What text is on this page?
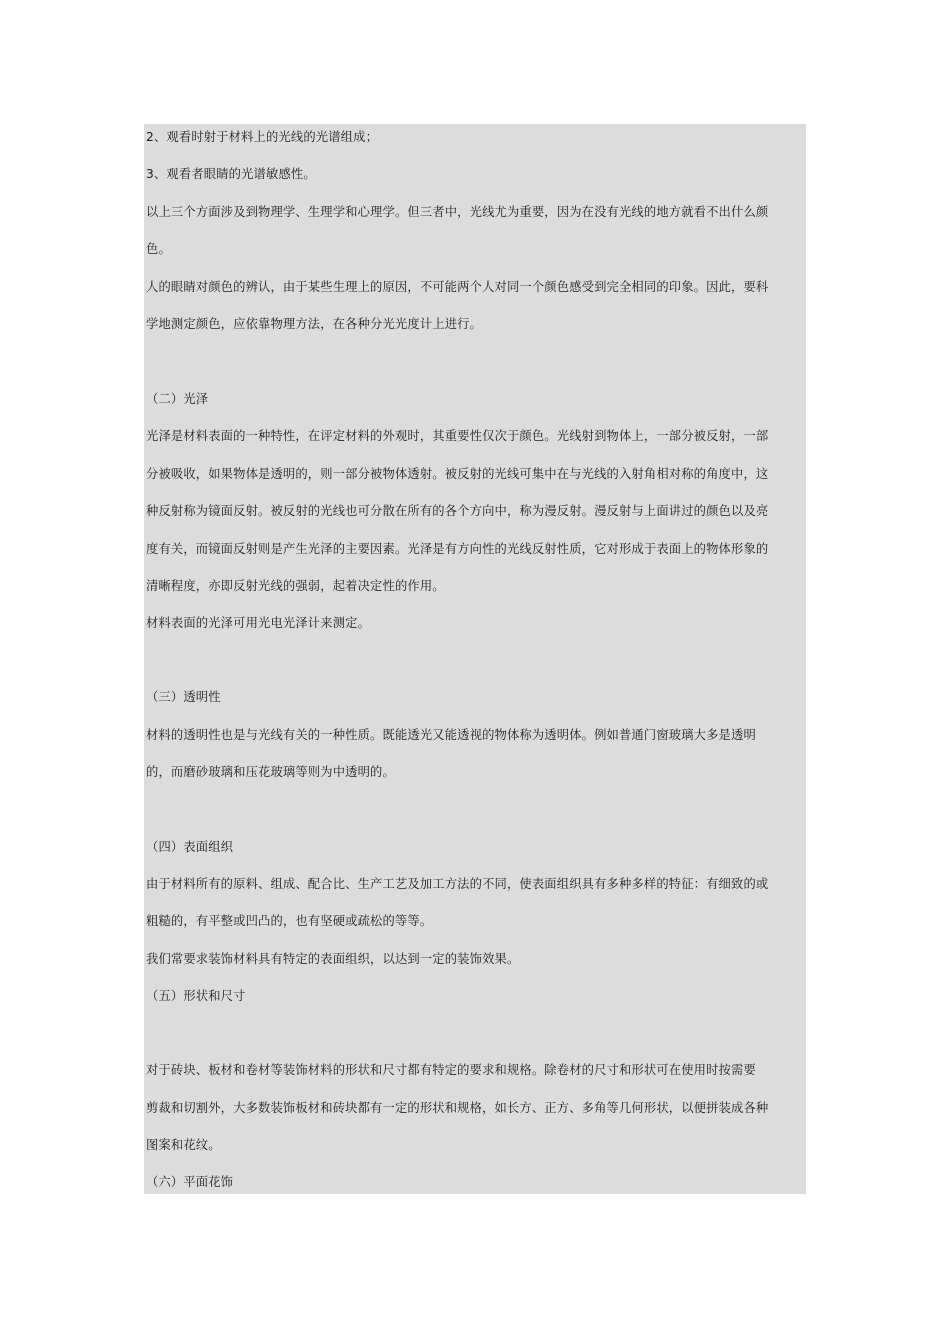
2、观看时射于材料上的光线的光谱组成；
3、观看者眼睛的光谱敏感性。
以上三个方面涉及到物理学、生理学和心理学。但三者中，光线尤为重要，因为在没有光线的地方就看不出什么颜
色。
人的眼睛对颜色的辨认，由于某些生理上的原因，不可能两个人对同一个颜色感受到完全相同的印象。因此，要科
学地测定颜色，应依靠物理方法，在各种分光光度计上进行。
（二）光泽
光泽是材料表面的一种特性，在评定材料的外观时，其重要性仅次于颜色。光线射到物体上，一部分被反射，一部
分被吸收，如果物体是透明的，则一部分被物体透射。被反射的光线可集中在与光线的入射角相对称的角度中，这
种反射称为镜面反射。被反射的光线也可分散在所有的各个方向中，称为漫反射。漫反射与上面讲过的颜色以及亮
度有关，而镜面反射则是产生光泽的主要因素。光泽是有方向性的光线反射性质，它对形成于表面上的物体形象的
清晰程度，亦即反射光线的强弱，起着决定性的作用。
材料表面的光泽可用光电光泽计来测定。
（三）透明性
材料的透明性也是与光线有关的一种性质。既能透光又能透视的物体称为透明体。例如普通门窗玻璃大多是透明
的，而磨砂玻璃和压花玻璃等则为中透明的。
（四）表面组织
由于材料所有的原料、组成、配合比、生产工艺及加工方法的不同，使表面组织具有多种多样的特征：有细致的或
粗糙的，有平整或凹凸的，也有坚硬或疏松的等等。
我们常要求装饰材料具有特定的表面组织，以达到一定的装饰效果。
（五）形状和尺寸
对于砖块、板材和卷材等装饰材料的形状和尺寸都有特定的要求和规格。除卷材的尺寸和形状可在使用时按需要
剪裁和切割外，大多数装饰板材和砖块都有一定的形状和规格，如长方、正方、多角等几何形状，以便拼装成各种
图案和花纹。
（六）平面花饰
